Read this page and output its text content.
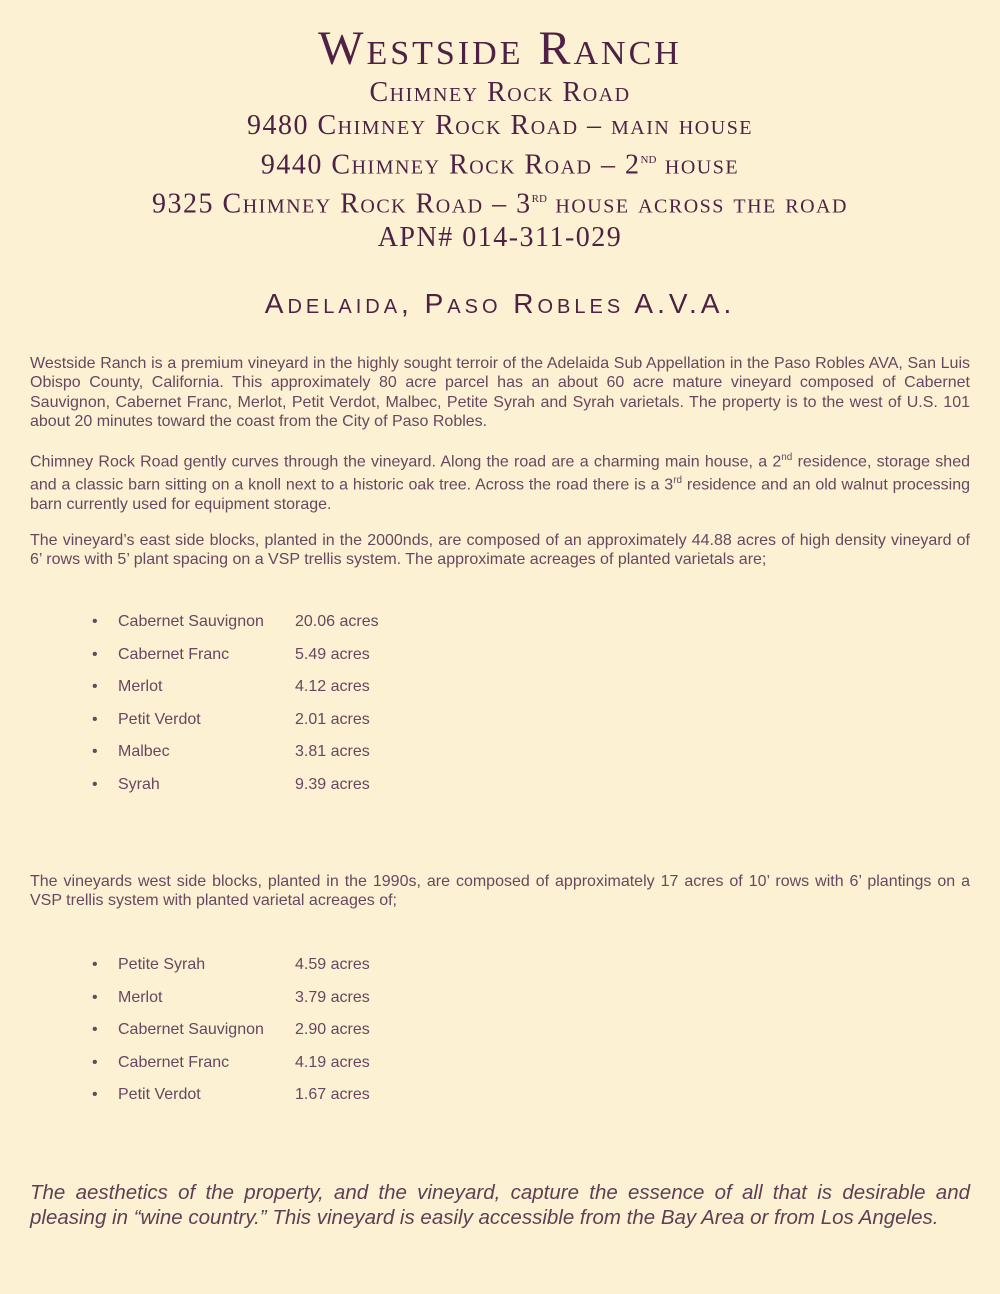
Westside Ranch
Chimney Rock Road
9480 Chimney Rock Road – main house
9440 Chimney Rock Road – 2nd house
9325 Chimney Rock Road – 3rd house across the road
APN# 014-311-029
Adelaida, Paso Robles A.V.A.

Westside Ranch is a premium vineyard in the highly sought terroir of the Adelaida Sub Appellation in the Paso Robles AVA, San Luis Obispo County, California. This approximately 80 acre parcel has an about 60 acre mature vineyard composed of Cabernet Sauvignon, Cabernet Franc, Merlot, Petit Verdot, Malbec, Petite Syrah and Syrah varietals. The property is to the west of U.S. 101 about 20 minutes toward the coast from the City of Paso Robles.

Chimney Rock Road gently curves through the vineyard. Along the road are a charming main house, a 2nd residence, storage shed and a classic barn sitting on a knoll next to a historic oak tree. Across the road there is a 3rd residence and an old walnut processing barn currently used for equipment storage.

The vineyard’s east side blocks, planted in the 2000nds, are composed of an approximately 44.88 acres of high density vineyard of 6’ rows with 5’ plant spacing on a VSP trellis system. The approximate acreages of planted varietals are;

•	Cabernet Sauvignon	20.06 acres
•	Cabernet Franc	5.49 acres
•	Merlot	4.12 acres
•	Petit Verdot	2.01 acres
•	Malbec	3.81 acres
•	Syrah	9.39 acres

The vineyards west side blocks, planted in the 1990s, are composed of approximately 17 acres of 10’ rows with 6’ plantings on a VSP trellis system with planted varietal acreages of;

•	Petite Syrah	4.59 acres
•	Merlot	3.79 acres
•	Cabernet Sauvignon	2.90 acres
•	Cabernet Franc	4.19 acres
•	Petit Verdot	1.67 acres

The aesthetics of the property, and the vineyard, capture the essence of all that is desirable and pleasing in “wine country.” This vineyard is easily accessible from the Bay Area or from Los Angeles.
